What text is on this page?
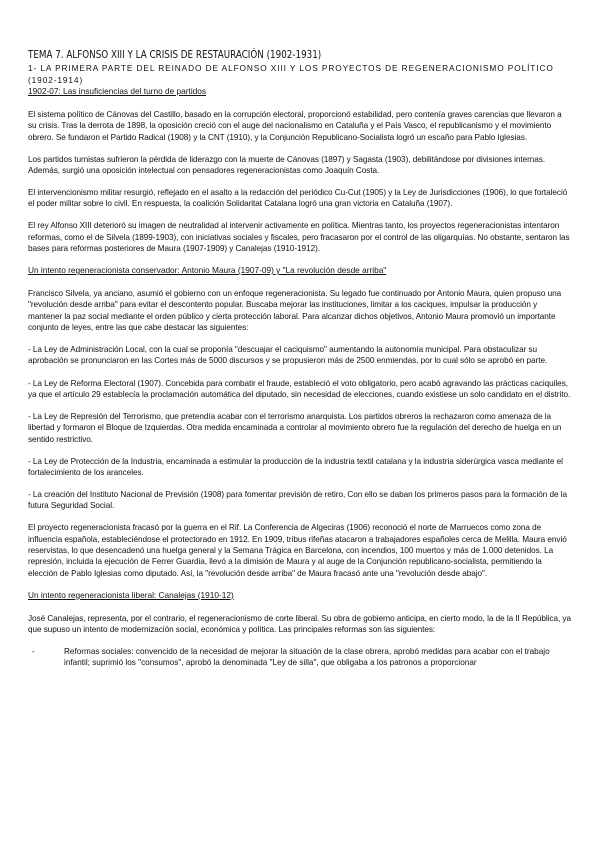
TEMA 7. ALFONSO XIII Y LA CRISIS DE RESTAURACIÓN (1902-1931)
1- LA PRIMERA PARTE DEL REINADO DE ALFONSO XIII Y LOS PROYECTOS DE REGENERACIONISMO POLÍTICO (1902-1914)
1902-07: Las insuficiencias del turno de partidos

El sistema político de Cánovas del Castillo, basado en la corrupción electoral, proporcionó estabilidad, pero contenía graves carencias que llevaron a su crisis. Tras la derrota de 1898, la oposición creció con el auge del nacionalismo en Cataluña y el País Vasco, el republicanismo y el movimiento obrero. Se fundaron el Partido Radical (1908) y la CNT (1910), y la Conjunción Republicano-Socialista logró un escaño para Pablo Iglesias.

Los partidos turnistas sufrieron la pérdida de liderazgo con la muerte de Cánovas (1897) y Sagasta (1903), debilitándose por divisiones internas. Además, surgió una oposición intelectual con pensadores regeneracionistas como Joaquín Costa.

El intervencionismo militar resurgió, reflejado en el asalto a la redacción del periódico Cu-Cut (1905) y la Ley de Jurisdicciones (1906), lo que fortaleció el poder militar sobre lo civil. En respuesta, la coalición Solidaritat Catalana logró una gran victoria en Cataluña (1907).

El rey Alfonso XIII deterioró su imagen de neutralidad al intervenir activamente en política. Mientras tanto, los proyectos regeneracionistas intentaron reformas, como el de Silvela (1899-1903), con iniciativas sociales y fiscales, pero fracasaron por el control de las oligarquías. No obstante, sentaron las bases para reformas posteriores de Maura (1907-1909) y Canalejas (1910-1912).

Un intento regeneracionista conservador: Antonio Maura (1907-09) y "La revolución desde arriba"

Francisco Silvela, ya anciano, asumió el gobierno con un enfoque regeneracionista. Su legado fue continuado por Antonio Maura, quien propuso una "revolución desde arriba" para evitar el descontento popular. Buscaba mejorar las instituciones, limitar a los caciques, impulsar la producción y mantener la paz social mediante el orden público y cierta protección laboral. Para alcanzar dichos objetivos, Antonio Maura promovió un importante conjunto de leyes, entre las que cabe destacar las siguientes:

- La Ley de Administración Local, con la cual se proponía "descuajar el caciquismo" aumentando la autonomía municipal. Para obstaculizar su aprobación se pronunciaron en las Cortes más de 5000 discursos y se propusieron más de 2500 enmiendas, por lo cual sólo se aprobó en parte.

- La Ley de Reforma Electoral (1907). Concebida para combatir el fraude, estableció el voto obligatorio, pero acabó agravando las prácticas caciquiles, ya que el artículo 29 establecía la proclamación automática del diputado, sin necesidad de elecciones, cuando existiese un solo candidato en el distrito.

- La Ley de Represión del Terrorismo, que pretendía acabar con el terrorismo anarquista. Los partidos obreros la rechazaron como amenaza de la libertad y formaron el Bloque de Izquierdas. Otra medida encaminada a controlar al movimiento obrero fue la regulación del derecho de huelga en un sentido restrictivo.

- La Ley de Protección de la Industria, encaminada a estimular la producción de la industria textil catalana y la industria siderúrgica vasca mediante el fortalecimiento de los aranceles.

- La creación del Instituto Nacional de Previsión (1908) para fomentar previsión de retiro, Con ello se daban los primeros pasos para la formación de la futura Seguridad Social.

El proyecto regeneracionista fracasó por la guerra en el Rif. La Conferencia de Algeciras (1906) reconoció el norte de Marruecos como zona de influencia española, estableciéndose el protectorado en 1912. En 1909, tribus rifeñas atacaron a trabajadores españoles cerca de Melilla. Maura envió reservistas, lo que desencadenó una huelga general y la Semana Trágica en Barcelona, con incendios, 100 muertos y más de 1.000 detenidos. La represión, incluida la ejecución de Ferrer Guardia, llevó a la dimisión de Maura y al auge de la Conjunción republicano-socialista, permitiendo la elección de Pablo Iglesias como diputado. Así, la "revolución desde arriba" de Maura fracasó ante una "revolución desde abajo".

Un intento regeneracionista liberal: Canalejas (1910-12)

José Canalejas, representa, por el contrario, el regeneracionismo de corte liberal. Su obra de gobierno anticipa, en cierto modo, la de la II República, ya que supuso un intento de modernización social, económica y política. Las principales reformas son las siguientes:

-	Reformas sociales: convencido de la necesidad de mejorar la situación de la clase obrera, aprobó medidas para acabar con el trabajo infantil; suprimió los "consumos", aprobó la denominada "Ley de silla", que obligaba a los patronos a proporcionar
